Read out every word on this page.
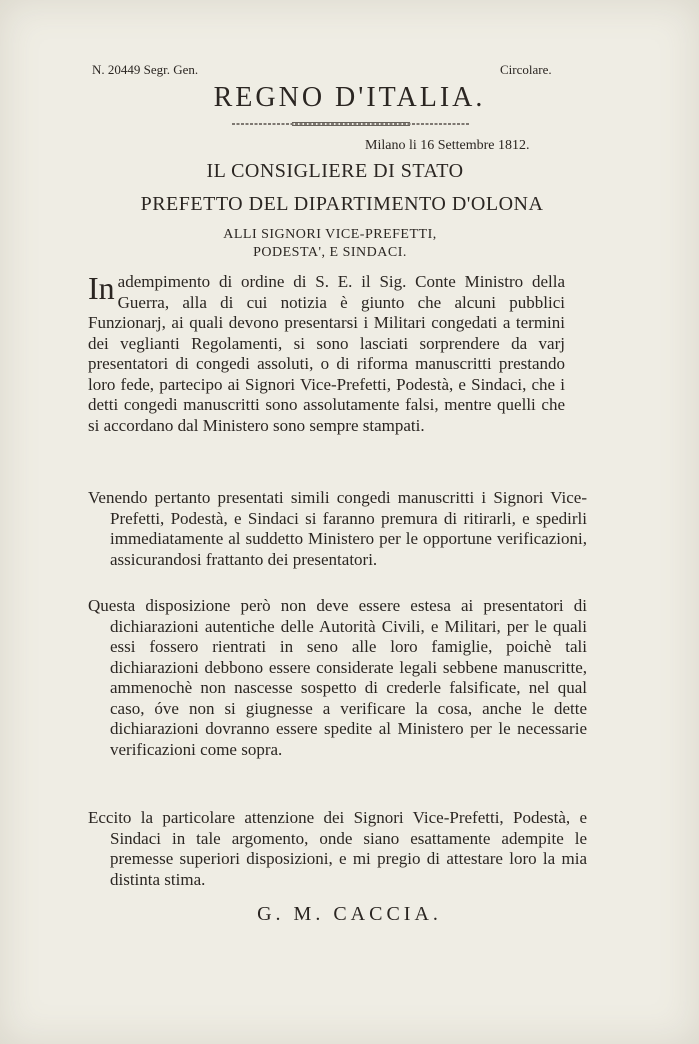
N. 20449 Segr. Gen.	Circolare.
REGNO D'ITALIA.
Milano li 16 Settembre 1812.
IL CONSIGLIERE DI STATO
PREFETTO DEL DIPARTIMENTO D'OLONA
ALLI SIGNORI VICE-PREFETTI,
PODESTA', E SINDACI.
In adempimento di ordine di S. E. il Sig. Conte Ministro della Guerra, alla di cui notizia è giunto che alcuni pubblici Funzionarj, ai quali devono presentarsi i Militari congedati a termini dei veglianti Regolamenti, si sono lasciati sorprendere da varj presentatori di congedi assoluti, o di riforma manuscritti prestando loro fede, partecipo ai Signori Vice-Prefetti, Podestà, e Sindaci, che i detti congedi manuscritti sono assolutamente falsi, mentre quelli che si accordano dal Ministero sono sempre stampati.
Venendo pertanto presentati simili congedi manuscritti i Signori Vice-Prefetti, Podestà, e Sindaci si faranno premura di ritirarli, e spedirli immediatamente al suddetto Ministero per le opportune verificazioni, assicurandosi frattanto dei presentatori.
Questa disposizione però non deve essere estesa ai presentatori di dichiarazioni autentiche delle Autorità Civili, e Militari, per le quali essi fossero rientrati in seno alle loro famiglie, poichè tali dichiarazioni debbono essere considerate legali sebbene manuscritte, ammenochè non nascesse sospetto di crederle falsificate, nel qual caso, óve non si giugnesse a verificare la cosa, anche le dette dichiarazioni dovranno essere spedite al Ministero per le necessarie verificazioni come sopra.
Eccito la particolare attenzione dei Signori Vice-Prefetti, Podestà, e Sindaci in tale argomento, onde siano esattamente adempite le premesse superiori disposizioni, e mi pregio di attestare loro la mia distinta stima.
G. M. CACCIA.
